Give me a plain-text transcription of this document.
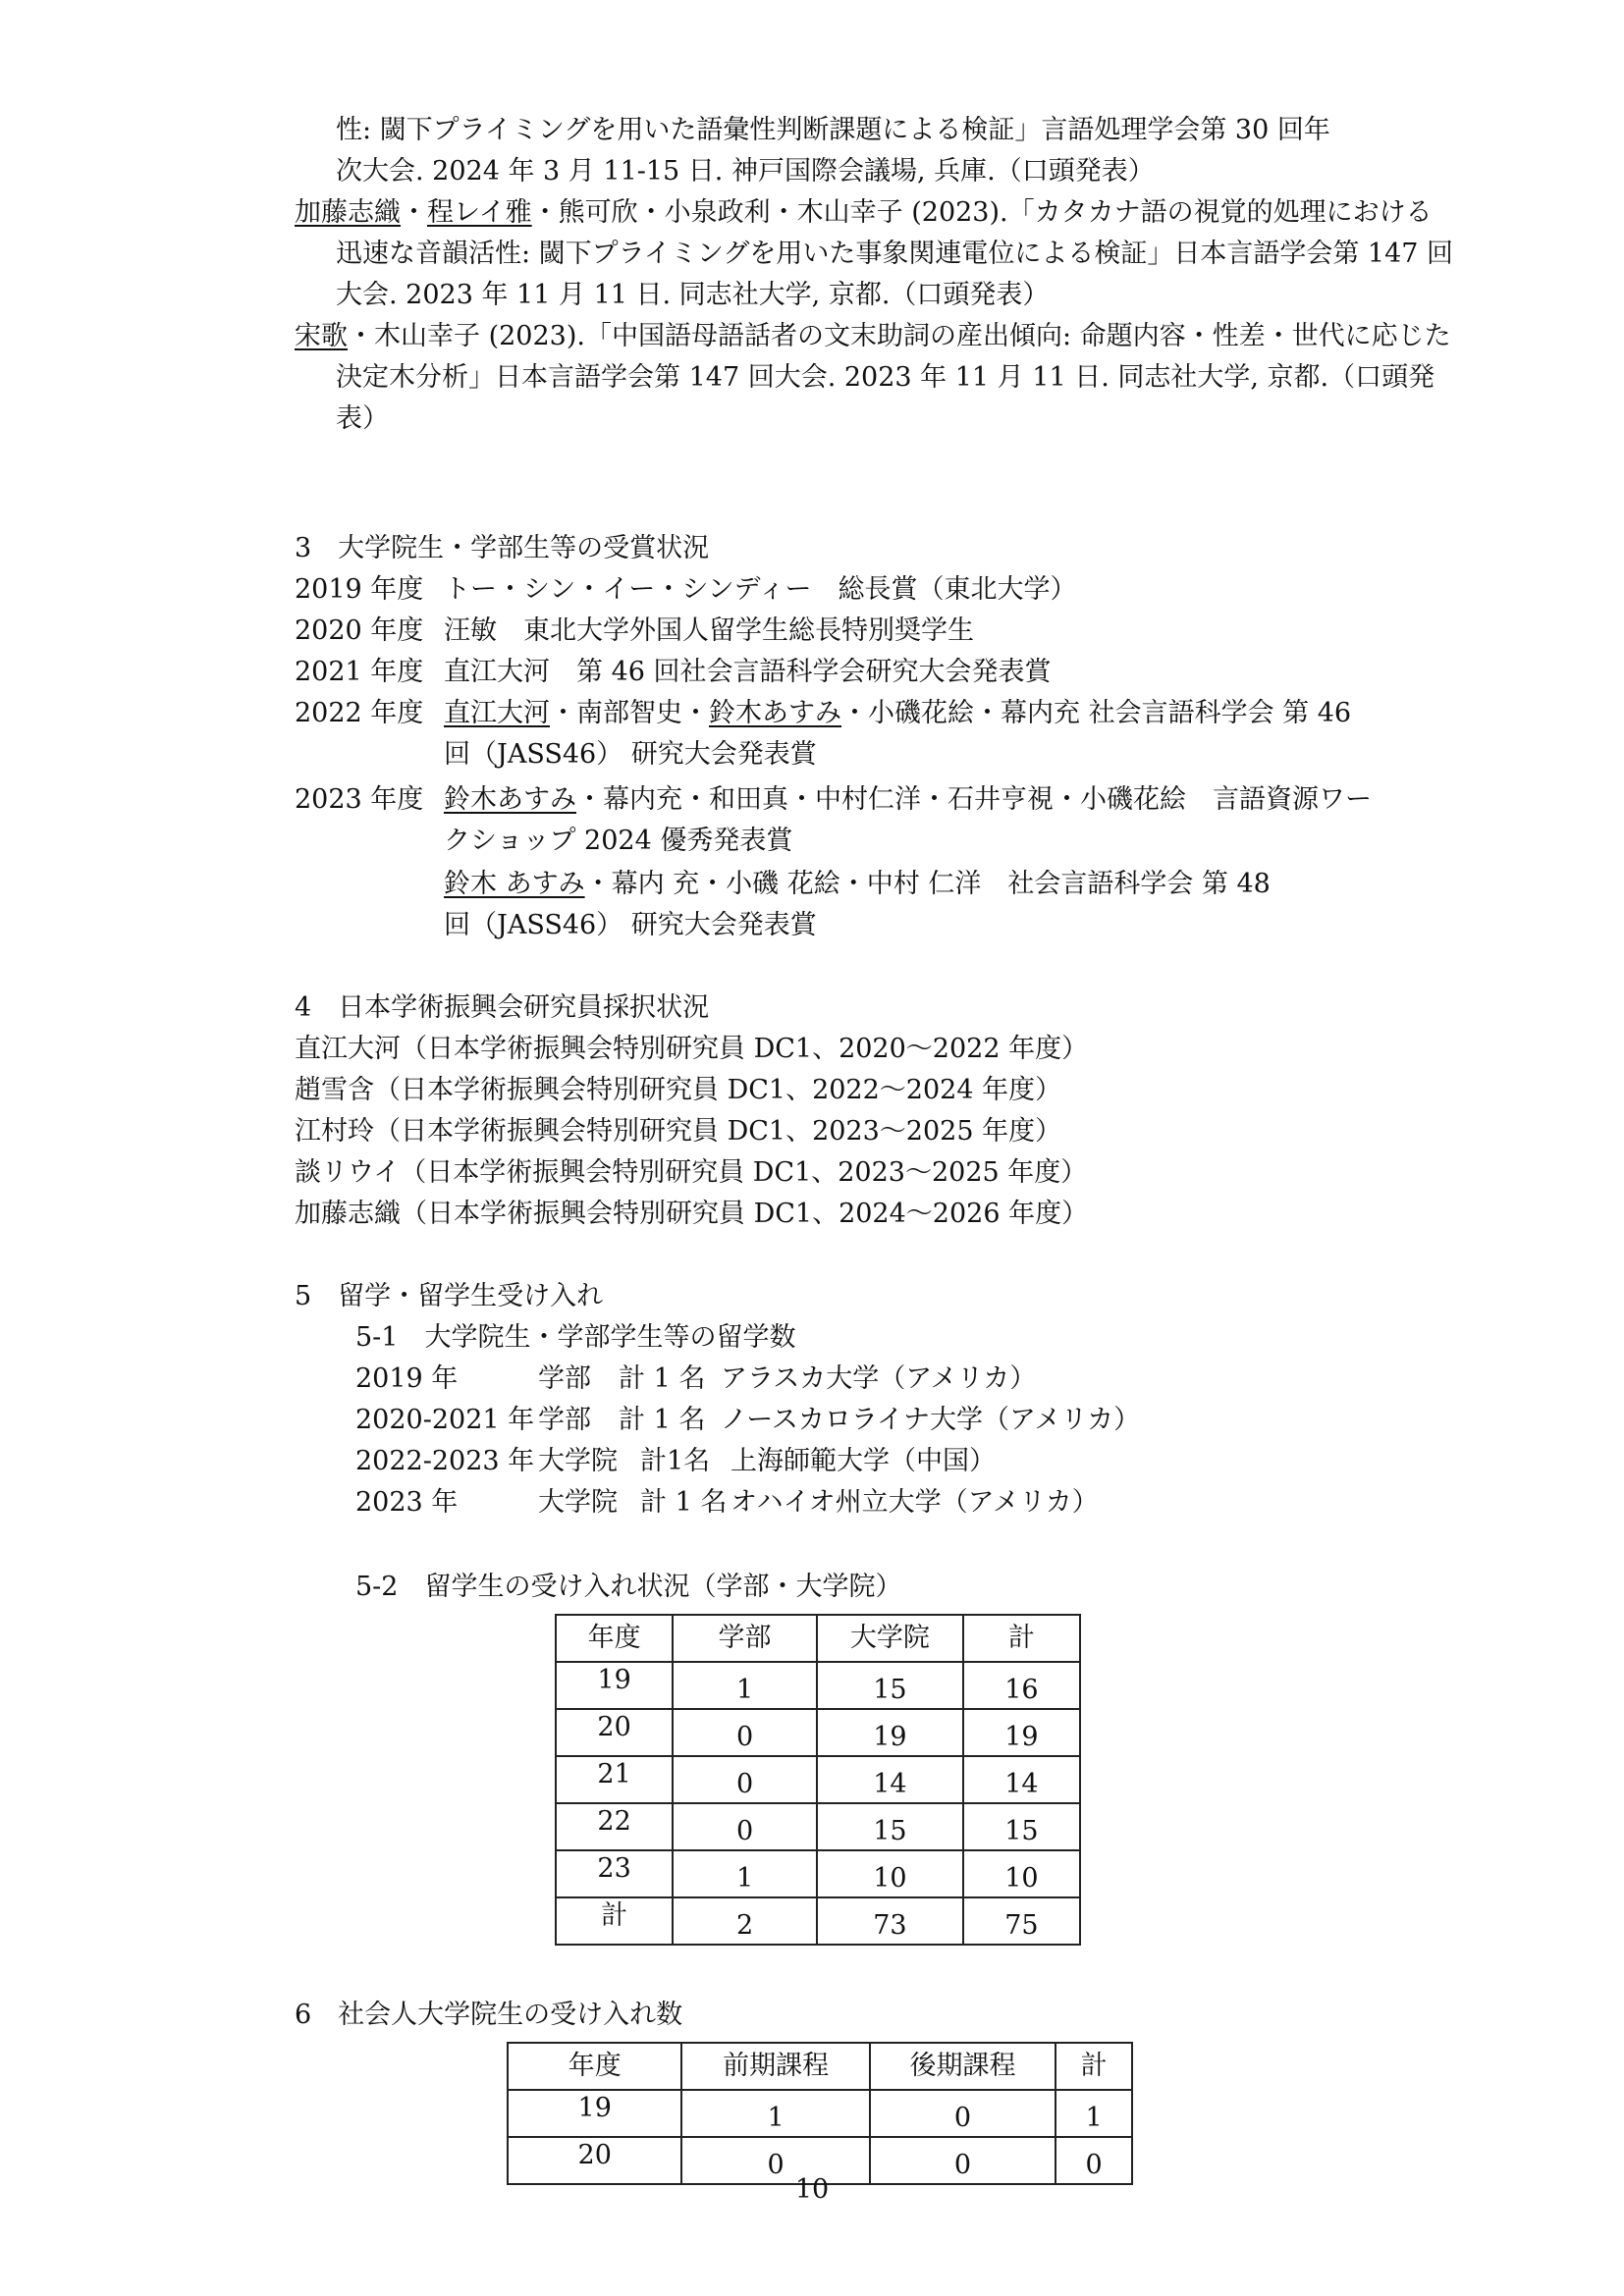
性: 閾下プライミングを用いた語彙性判断課題による検証」言語処理学会第 30 回年
次大会. 2024 年 3 月 11-15 日. 神戸国際会議場, 兵庫.（口頭発表）
加藤志織・程レイ雅・熊可欣・小泉政利・木山幸子 (2023).「カタカナ語の視覚的処理における迅速な音韻活性: 閾下プライミングを用いた事象関連電位による検証」日本言語学会第 147 回大会. 2023 年 11 月 11 日. 同志社大学, 京都.（口頭発表）
宋歌・木山幸子 (2023).「中国語母語話者の文末助詞の産出傾向: 命題内容・性差・世代に応じた決定木分析」日本言語学会第 147 回大会. 2023 年 11 月 11 日. 同志社大学, 京都.（口頭発表）
3　大学院生・学部生等の受賞状況
2019 年度 トー・シン・イー・シンディー　総長賞（東北大学）
2020 年度 汪敏　東北大学外国人留学生総長特別奨学生
2021 年度 直江大河　第 46 回社会言語科学会研究大会発表賞
2022 年度 直江大河・南部智史・鈴木あすみ・小磯花絵・幕内充 社会言語科学会 第 46
回（JASS46） 研究大会発表賞
2023 年度 鈴木あすみ・幕内充・和田真・中村仁洋・石井亨視・小磯花絵　言語資源ワー
クショップ 2024 優秀発表賞
鈴木 あすみ・幕内 充・小磯 花絵・中村 仁洋　社会言語科学会 第 48
回（JASS46） 研究大会発表賞
4　日本学術振興会研究員採択状況
直江大河（日本学術振興会特別研究員 DC1、2020～2022 年度）
趙雪含（日本学術振興会特別研究員 DC1、2022～2024 年度）
江村玲（日本学術振興会特別研究員 DC1、2023～2025 年度）
談リウイ（日本学術振興会特別研究員 DC1、2023～2025 年度）
加藤志織（日本学術振興会特別研究員 DC1、2024～2026 年度）
5　留学・留学生受け入れ
5-1　大学院生・学部学生等の留学数
2019 年	学部 計 1 名 アラスカ大学（アメリカ）
2020-2021 年 学部 計 1 名 ノースカロライナ大学（アメリカ）
2022-2023 年 大学院 計1名 上海師範大学（中国）
2023 年	大学院 計 1 名 オハイオ州立大学（アメリカ）
5-2　留学生の受け入れ状況（学部・大学院）
年度	学部	大学院	計
19	1	15	16
20	0	19	19
21	0	14	14
22	0	15	15
23	1	10	10
計	2	73	75
6　社会人大学院生の受け入れ数
年度	前期課程	後期課程	計
19	1	0	1
20	0	0	0
10
